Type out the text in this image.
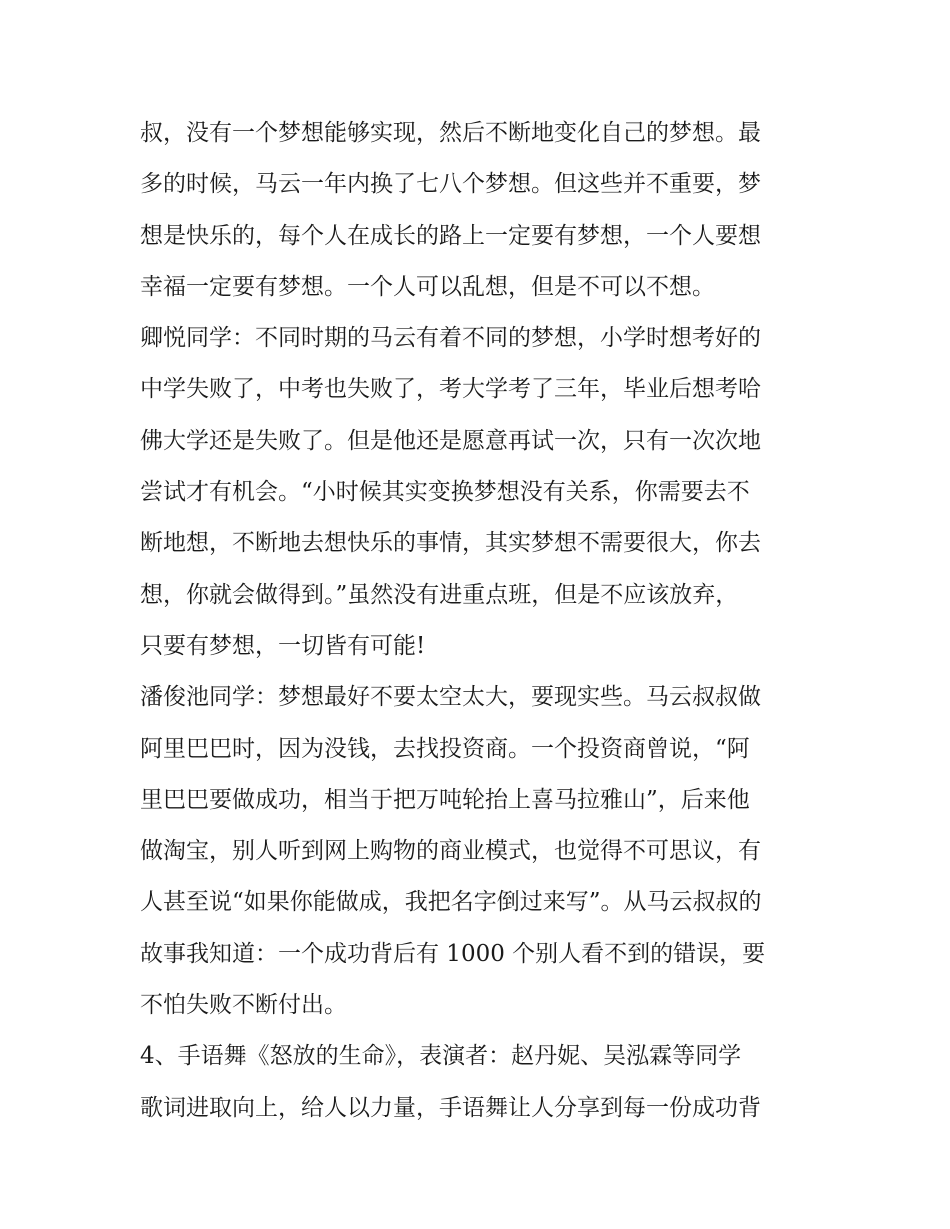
叔，没有一个梦想能够实现，然后不断地变化自己的梦想。最
多的时候，马云一年内换了七八个梦想。但这些并不重要，梦
想是快乐的，每个人在成长的路上一定要有梦想，一个人要想
幸福一定要有梦想。一个人可以乱想，但是不可以不想。
卿悦同学：不同时期的马云有着不同的梦想，小学时想考好的
中学失败了，中考也失败了，考大学考了三年，毕业后想考哈
佛大学还是失败了。但是他还是愿意再试一次，只有一次次地
尝试才有机会。“小时候其实变换梦想没有关系，你需要去不
断地想，不断地去想快乐的事情，其实梦想不需要很大，你去
想，你就会做得到。”虽然没有进重点班，但是不应该放弃，
只要有梦想，一切皆有可能!
潘俊池同学：梦想最好不要太空太大，要现实些。马云叔叔做
阿里巴巴时，因为没钱，去找投资商。一个投资商曾说，“阿
里巴巴要做成功，相当于把万吨轮抬上喜马拉雅山”，后来他
做淘宝，别人听到网上购物的商业模式，也觉得不可思议，有
人甚至说“如果你能做成，我把名字倒过来写”。从马云叔叔的
故事我知道：一个成功背后有 1000 个别人看不到的错误，要
不怕失败不断付出。
4、手语舞《怒放的生命》，表演者：赵丹妮、吴泓霖等同学
歌词进取向上，给人以力量，手语舞让人分享到每一份成功背
